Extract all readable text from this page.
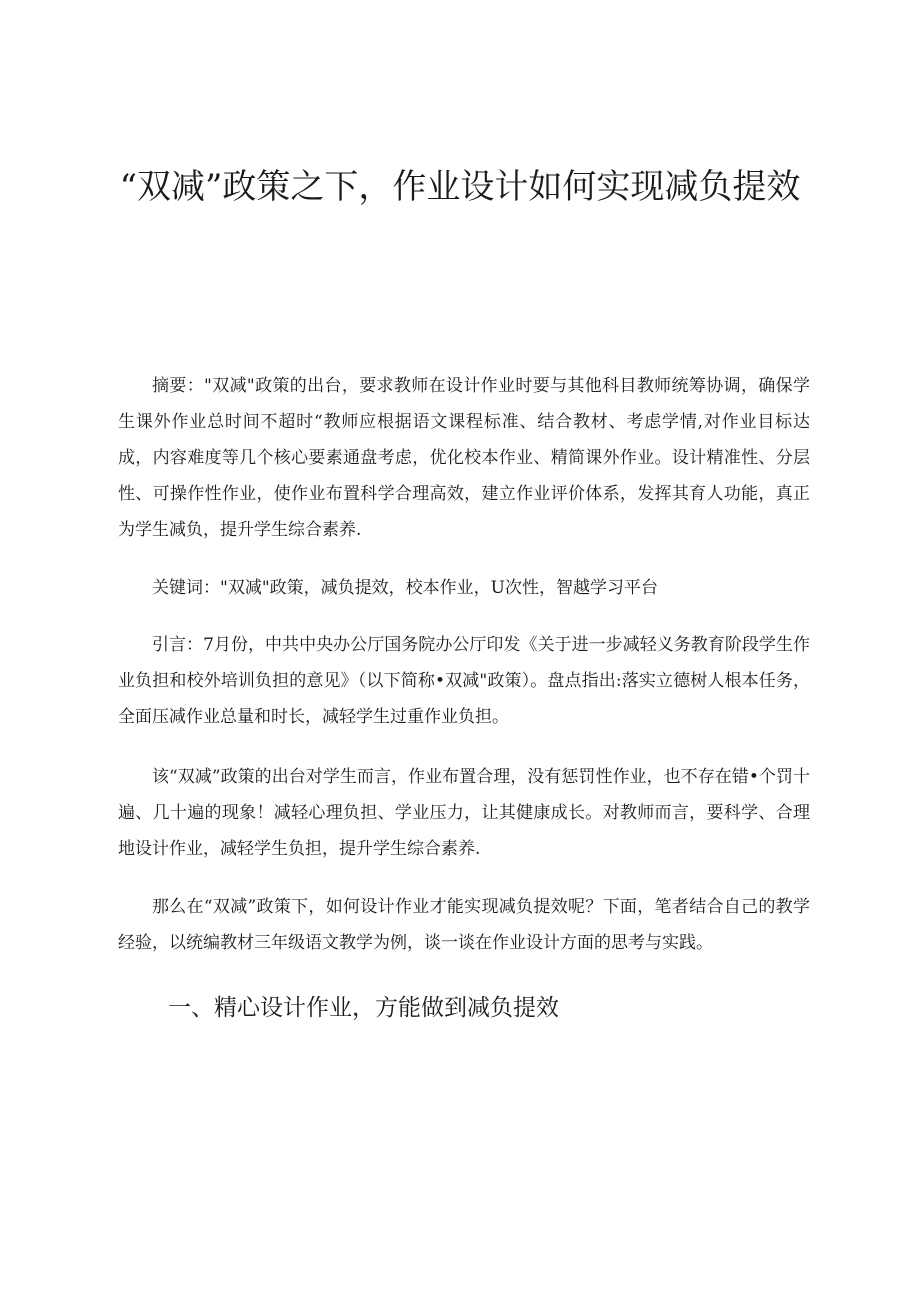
“双减”政策之下，作业设计如何实现减负提效

摘要："双减"政策的出台，要求教师在设计作业时要与其他科目教师统筹协调，确保学生课外作业总时间不超时“教师应根据语文课程标准、结合教材、考虑学情,对作业目标达成，内容难度等几个核心要素通盘考虑，优化校本作业、精简课外作业。设计精准性、分层性、可操作性作业，使作业布置科学合理高效，建立作业评价体系，发挥其育人功能，真正为学生减负，提升学生综合素养.

关键词："双减"政策，减负提效，校本作业，U次性，智越学习平台

引言：7月份，中共中央办公厅国务院办公厅印发《关于进一步减轻义务教育阶段学生作业负担和校外培训负担的意见》（以下简称•双减"政策）。盘点指出:落实立德树人根本任务，全面压减作业总量和时长，减轻学生过重作业负担。

该“双减”政策的出台对学生而言，作业布置合理，没有惩罚性作业，也不存在错•个罚十遍、几十遍的现象！减轻心理负担、学业压力，让其健康成长。对教师而言，要科学、合理地设计作业，减轻学生负担，提升学生综合素养.

那么在“双减”政策下，如何设计作业才能实现减负提效呢？下面，笔者结合自己的教学经验，以统编教材三年级语文教学为例，谈一谈在作业设计方面的思考与实践。

一、精心设计作业，方能做到减负提效
